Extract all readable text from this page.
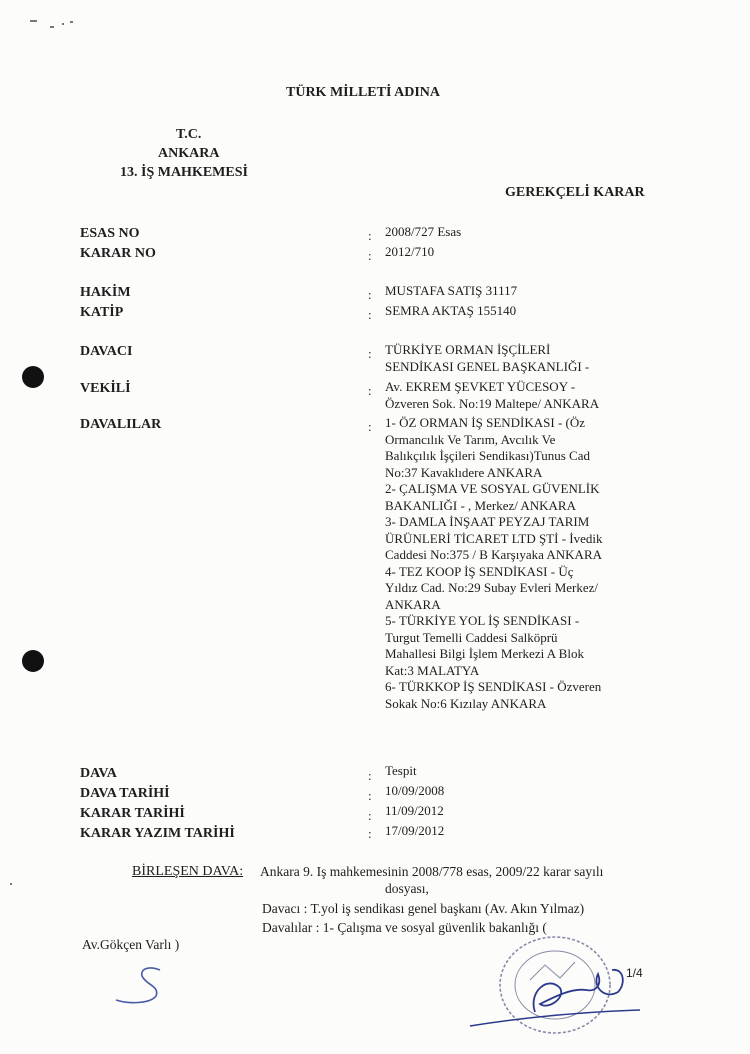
TÜRK MİLLETİ ADINA
T.C.
ANKARA
13. İŞ MAHKEMESİ
GEREKÇELİ KARAR
ESAS NO	: 2008/727 Esas
KARAR NO	: 2012/710
HAKİM	: MUSTAFA SATIŞ 31117
KATİP	: SEMRA AKTAŞ 155140
DAVACI	: TÜRKİYE ORMAN İŞÇİLERİ
SENDİKASI GENEL BAŞKANLIĞI -
VEKİLİ	: Av. EKREM ŞEVKET YÜCESOY -
Özveren Sok. No:19 Maltepe/ ANKARA
DAVALILAR	: 1- ÖZ ORMAN İŞ SENDİKASI - (Öz
Ormancılık Ve Tarım, Avcılık Ve
Balıkçılık İşçileri Sendikası)Tunus Cad
No:37 Kavaklıdere ANKARA
2- ÇALIŞMA VE SOSYAL GÜVENLİK
BAKANLIĞI - , Merkez/ ANKARA
3- DAMLA İNŞAAT PEYZAJ TARIM
ÜRÜNLERİ TİCARET LTD ŞTİ - İvedik
Caddesi No:375 / B Karşıyaka ANKARA
4- TEZ KOOP İŞ SENDİKASI - Üç
Yıldız Cad. No:29 Subay Evleri Merkez/
ANKARA
5- TÜRKİYE YOL İŞ SENDİKASI -
Turgut Temelli Caddesi Salköprü
Mahallesi Bilgi İşlem Merkezi A Blok
Kat:3 MALATYA
6- TÜRKKOP İŞ SENDİKASI - Özveren
Sokak No:6 Kızılay ANKARA
DAVA	: Tespit
DAVA TARİHİ	: 10/09/2008
KARAR TARİHİ	: 11/09/2012
KARAR YAZIM TARİHİ	: 17/09/2012
BİRLEŞEN DAVA: Ankara 9. Iş mahkemesinin 2008/778 esas, 2009/22 karar sayılı
dosyası,
Davacı : T.yol iş sendikası genel başkanı (Av. Akın Yılmaz)
Davalılar : 1- Çalışma ve sosyal güvenlik bakanlığı (
Av.Gökçen Varlı )
1/4
